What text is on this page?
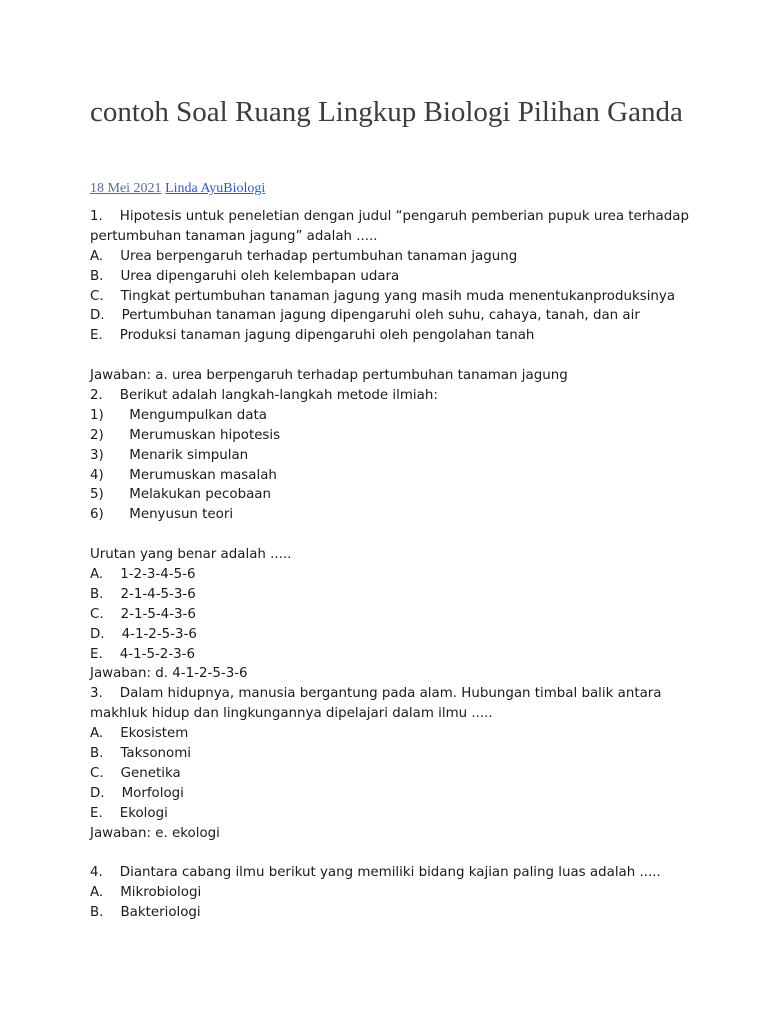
contoh Soal Ruang Lingkup Biologi Pilihan Ganda
18 Mei 2021 Linda AyuBiologi
1.    Hipotesis untuk peneletian dengan judul “pengaruh pemberian pupuk urea terhadap
pertumbuhan tanaman jagung” adalah .....
A.    Urea berpengaruh terhadap pertumbuhan tanaman jagung
B.    Urea dipengaruhi oleh kelembapan udara
C.    Tingkat pertumbuhan tanaman jagung yang masih muda menentukanproduksinya
D.    Pertumbuhan tanaman jagung dipengaruhi oleh suhu, cahaya, tanah, dan air
E.    Produksi tanaman jagung dipengaruhi oleh pengolahan tanah
Jawaban: a. urea berpengaruh terhadap pertumbuhan tanaman jagung
2.    Berikut adalah langkah-langkah metode ilmiah:
1)      Mengumpulkan data
2)      Merumuskan hipotesis
3)      Menarik simpulan
4)      Merumuskan masalah
5)      Melakukan pecobaan
6)      Menyusun teori
Urutan yang benar adalah .....
A.    1-2-3-4-5-6
B.    2-1-4-5-3-6
C.    2-1-5-4-3-6
D.    4-1-2-5-3-6
E.    4-1-5-2-3-6
Jawaban: d. 4-1-2-5-3-6
3.    Dalam hidupnya, manusia bergantung pada alam. Hubungan timbal balik antara
makhluk hidup dan lingkungannya dipelajari dalam ilmu .....
A.    Ekosistem
B.    Taksonomi
C.    Genetika
D.    Morfologi
E.    Ekologi
Jawaban: e. ekologi
4.    Diantara cabang ilmu berikut yang memiliki bidang kajian paling luas adalah .....
A.    Mikrobiologi
B.    Bakteriologi
